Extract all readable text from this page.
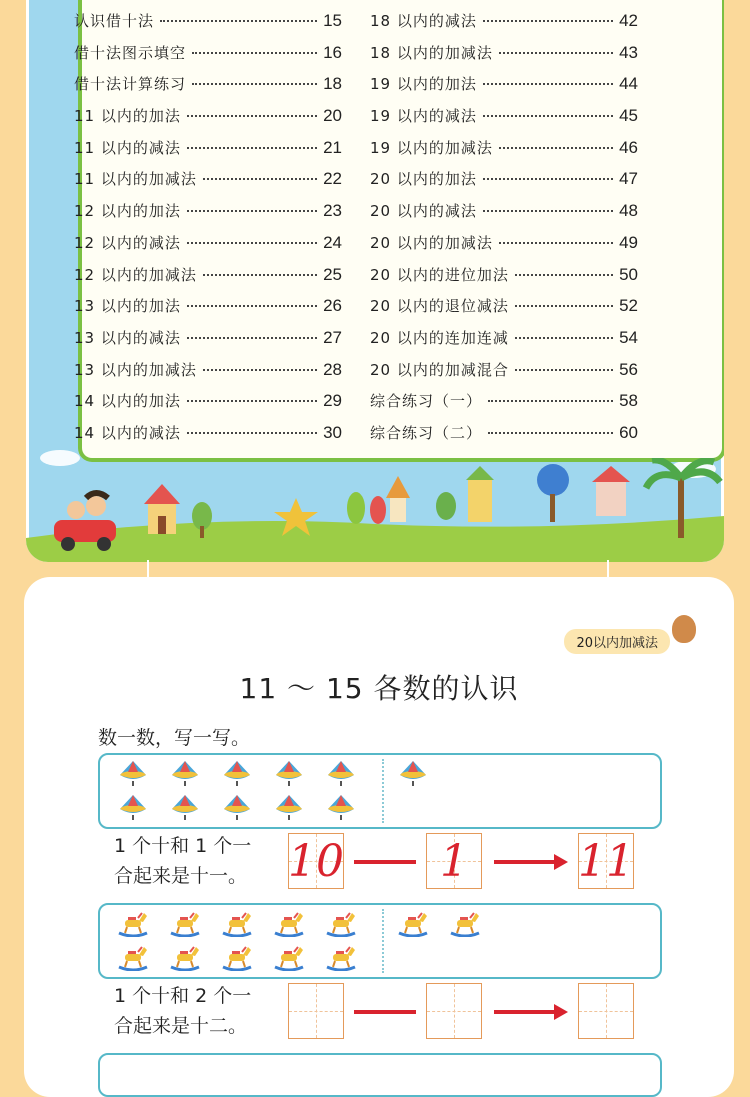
认识借十法	15
借十法图示填空	16
借十法计算练习	18
11 以内的加法	20
11 以内的减法	21
11 以内的加减法	22
12 以内的加法	23
12 以内的减法	24
12 以内的加减法	25
13 以内的加法	26
13 以内的减法	27
13 以内的加减法	28
14 以内的加法	29
14 以内的减法	30
18 以内的减法	42
18 以内的加减法	43
19 以内的加法	44
19 以内的减法	45
19 以内的加减法	46
20 以内的加法	47
20 以内的减法	48
20 以内的加减法	49
20 以内的进位加法	50
20 以内的退位减法	52
20 以内的连加连减	54
20 以内的加减混合	56
综合练习（一）	58
综合练习（二）	60
20以内加减法
11 ～ 15 各数的认识
数一数，写一写。
1 个十和 1 个一
合起来是十一。 10 1	11
1 个十和 2 个一
合起来是十二。
